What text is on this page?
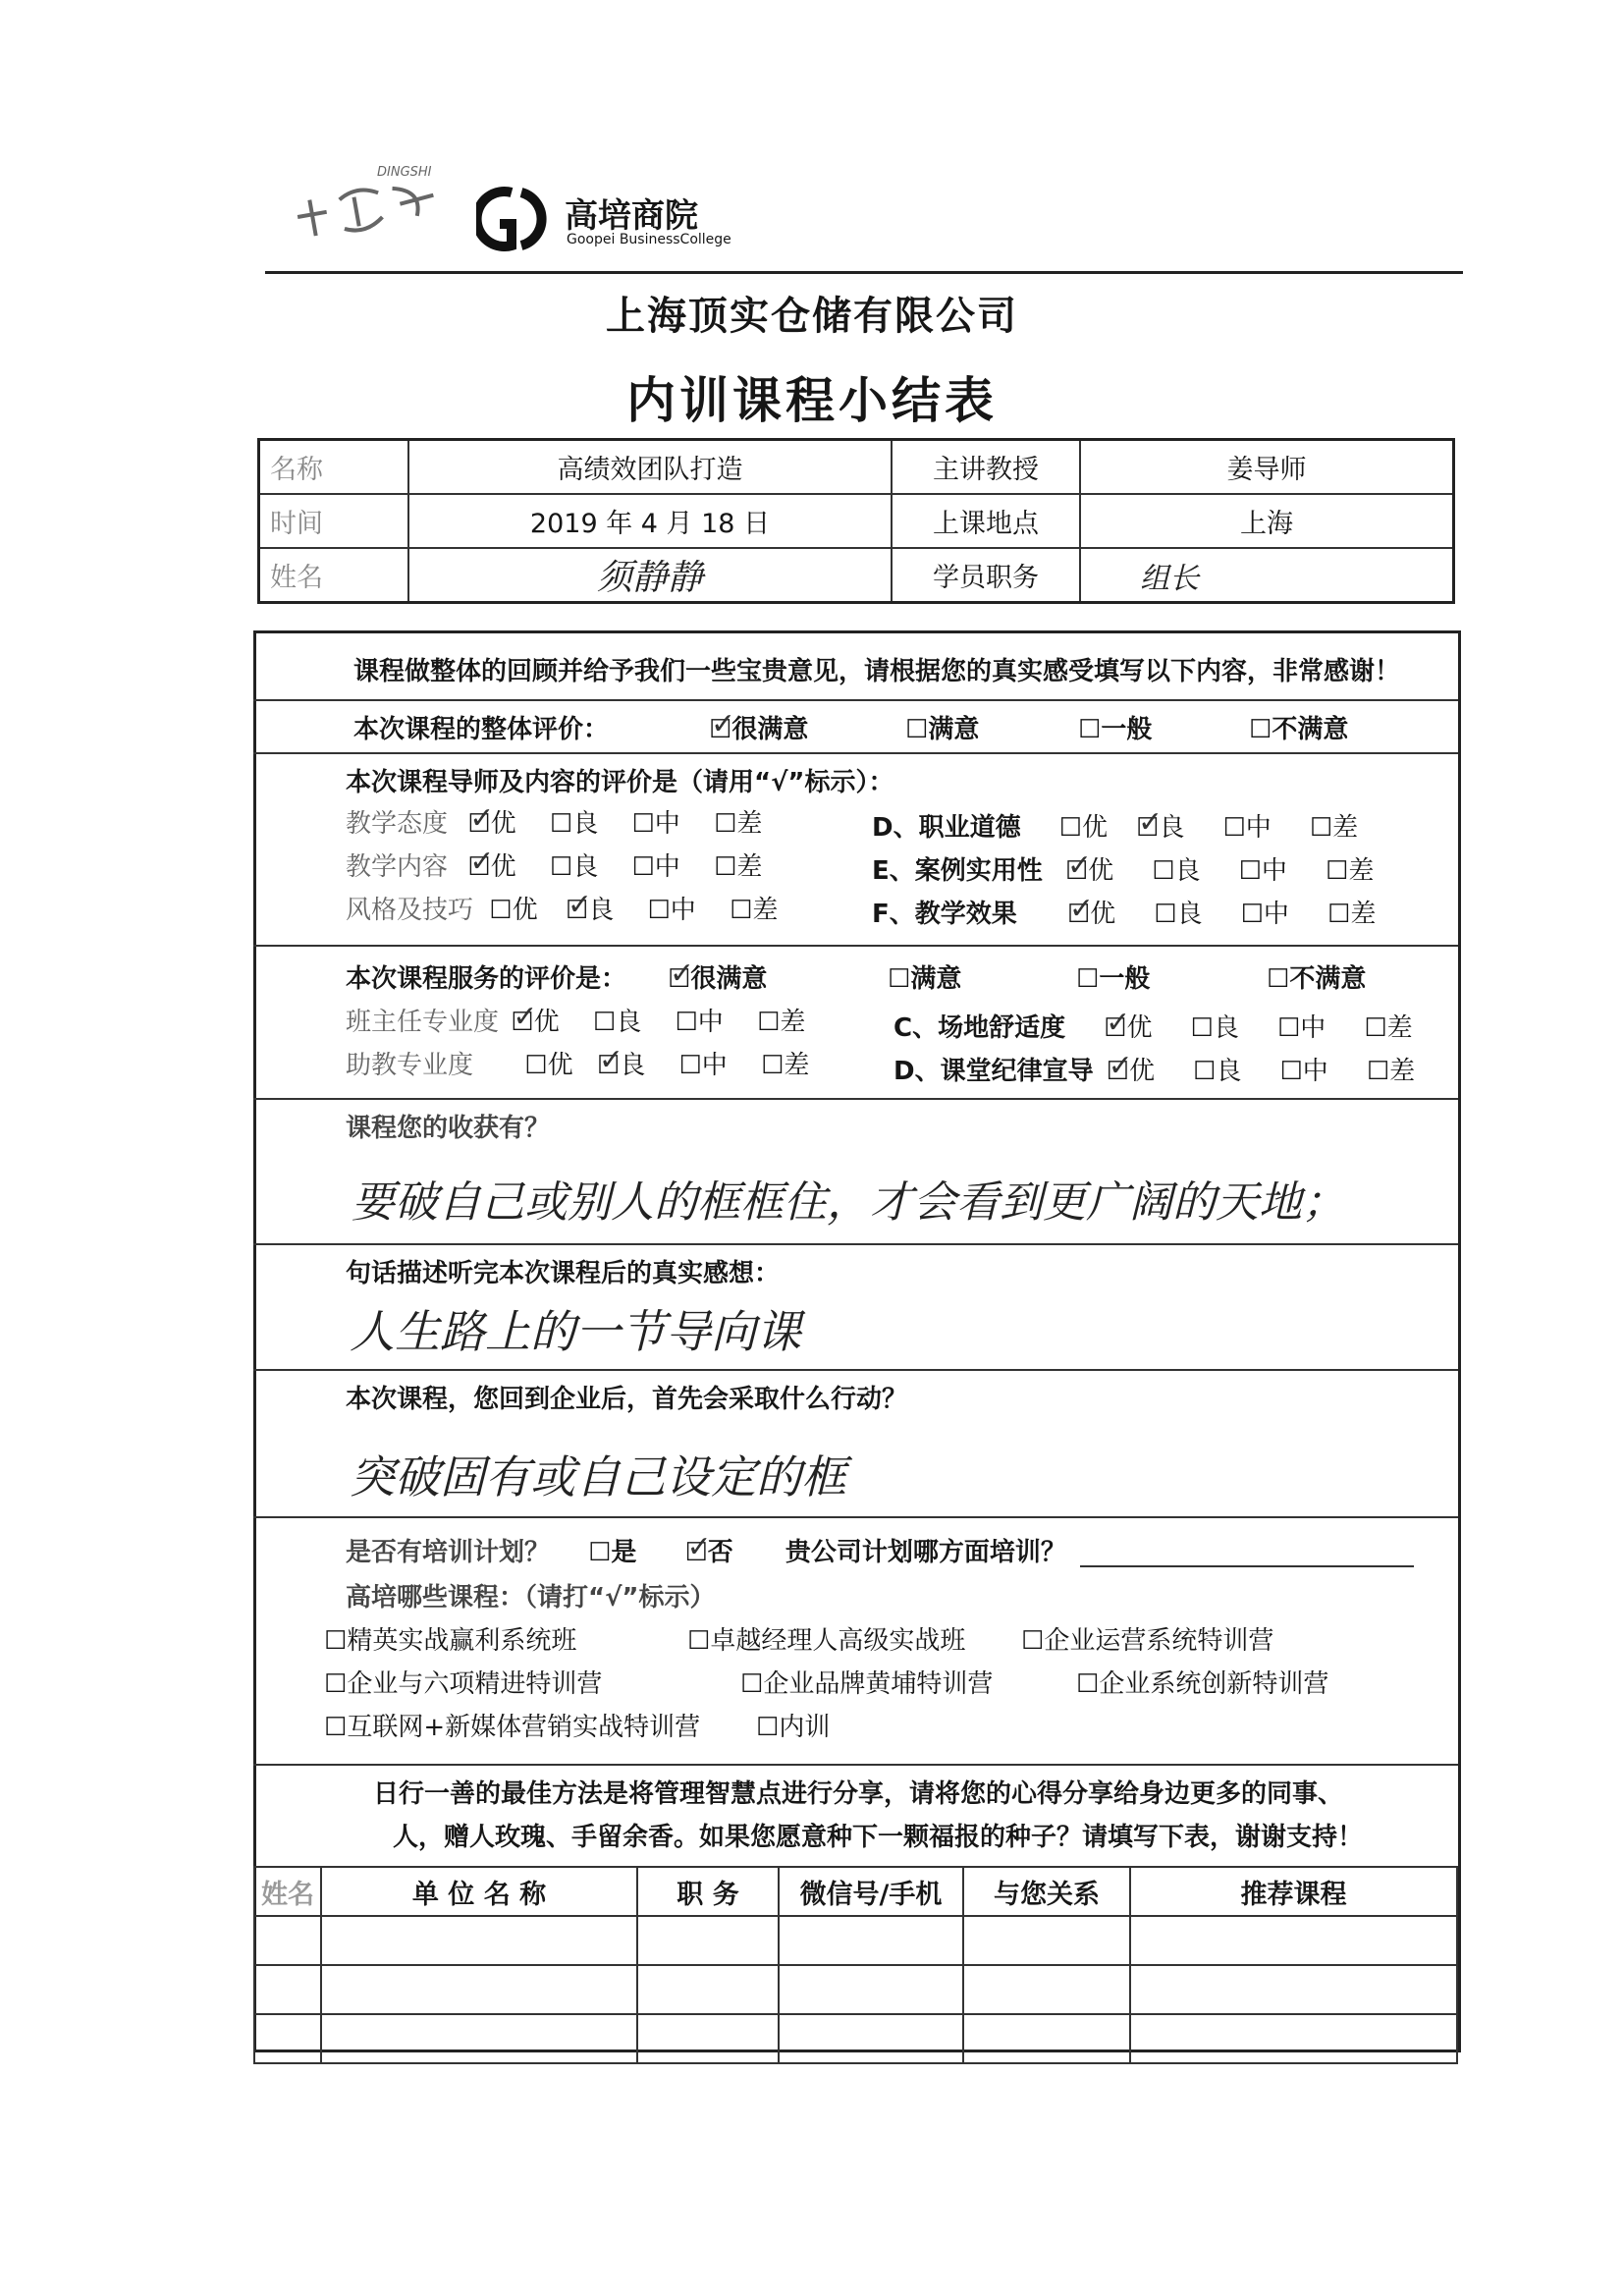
DINGSHI
高培商院
Goopei BusinessCollege
上海顶实仓储有限公司
内训课程小结表
名称	高绩效团队打造	主讲教授	姜导师
时间	2019 年 4 月 18 日	上课地点	上海
姓名	须静静	学员职务	组长
课程做整体的回顾并给予我们一些宝贵意见，请根据您的真实感受填写以下内容，非常感谢！
本次课程的整体评价：	☐ ✓很满意	☐满意	☐一般	☐不满意
本次课程导师及内容的评价是（请用“√”标示）：
教学态度 ☐优 ✓ ☐良 ☐中 ☐差
教学内容 ☐优 ✓ ☐良 ☐中 ☐差
风格及技巧 ☐优 ☐良 ✓ ☐中 ☐差
D、职业道德 ☐优 ☐良 ✓ ☐中 ☐差
E、案例实用性 ☐优 ✓ ☐良 ☐中 ☐差
F、教学效果 ☐优 ✓ ☐良 ☐中 ☐差
本次课程服务的评价是： ☐ ✓很满意	☐满意	☐一般	☐不满意
班主任专业度 ☐优 ✓ ☐良 ☐中 ☐差
助教专业度 ☐优 ☐良 ✓ ☐中 ☐差
C、场地舒适度 ☐优 ✓ ☐良 ☐中 ☐差
D、课堂纪律宣导 ☐优 ✓ ☐良 ☐中 ☐差
课程您的收获有？
要破自己或别人的框框住，才会看到更广阔的天地；
句话描述听完本次课程后的真实感想：
人生路上的一节导向课
本次课程，您回到企业后，首先会采取什么行动？
突破固有或自己设定的框
是否有培训计划？ ☐是 ☐否 ✓ 贵公司计划哪方面培训？
高培哪些课程：（请打“√”标示）
☐精英实战赢利系统班	☐卓越经理人高级实战班 ☐企业运营系统特训营
☐企业与六项精进特训营	☐企业品牌黄埔特训营	☐企业系统创新特训营
☐互联网+新媒体营销实战特训营 ☐内训
日行一善的最佳方法是将管理智慧点进行分享，请将您的心得分享给身边更多的同事、
人，赠人玫瑰、手留余香。如果您愿意种下一颗福报的种子？请填写下表，谢谢支持！
姓名	单 位 名 称	职 务	微信号/手机	与您关系	推荐课程
